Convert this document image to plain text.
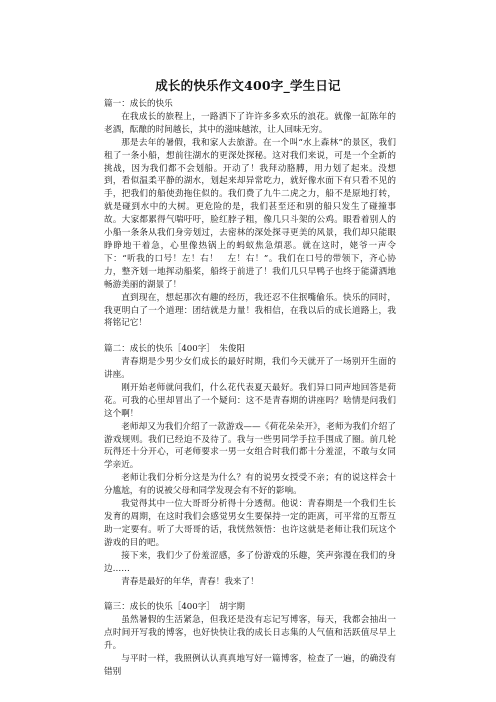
成长的快乐作文400字_学生日记

篇一：成长的快乐

在我成长的旅程上，一路洒下了许许多多欢乐的浪花。就像一缸陈年的老酒，酝酿的时间越长，其中的滋味越浓，让人回味无穷。

那是去年的暑假，我和家人去旅游。在一个叫“水上森林”的景区，我们租了一条小船，想前往湖水的更深处探秘。这对我们来说，可是一个全新的挑战，因为我们都不会划船。开动了！我拜动胳膊，用力划了起来。没想到，看似温柔平静的湖水，划起来却异常吃力，就好像水面下有只看不见的手，把我们的船使劲拖住似的。我们费了九牛二虎之力，船不是原地打转，就是碰到水中的大树。更危险的是，我们甚至还和别的船只发生了碰撞事故。大家都累得气喘吁吁，脸红脖子粗，像几只斗架的公鸡。眼看着别人的小船一条条从我们身旁划过，去密林的深处探寻更美的风景，我们却只能眼睁睁地干着急，心里像热锅上的蚂蚁焦急煩恶。就在这时，姥爷一声令下：“听我的口号！左！右！　左！右！”。我们在口号的带领下，齐心协力，整齐划一地挥动船桨，船终于前进了！我们几只早鸭子也终于能潇洒地畅游美丽的湖景了！

直到现在，想起那次有趣的经历，我还忍不住抿嘴偷乐。快乐的同时，我更明白了一个道理：团结就是力量！我相信，在我以后的成长道路上，我将铭记它！

篇二：成长的快乐［400字］　朱俊阳

青春期是少男少女们成长的最好时期，我们今天就开了一场别开生面的讲座。

刚开始老师就问我们，什么花代表夏天最好。我们异口同声地回答是荷花。可我的心里却冒出了一个疑问：这不是青春期的讲座吗？啥情是问我们这个啊！

老师却又为我们介绍了一款游戏——《荷花朵朵开》，老师为我们介绍了游戏规则。我们已经迫不及待了。我与一些男同学手拉手围成了圈。前几轮玩得还十分开心，可老师要求一男一女组合时我们都十分羞涩，不敢与女同学亲近。

老师让我们分析分这是为什么？有的说男女授受不亲；有的说这样会十分尴尬，有的说被父母和同学发现会有不好的影响。

我觉得其中一位大哥哥分析得十分透彻。他说：青春期是一个我们生长发育的周期，在这时我们会感觉男女生要保持一定的距离，可平常的互帮互助一定要有。听了大哥哥的话，我恍然领悟：也许这就是老师让我们玩这个游戏的目的吧。

接下来，我们少了份羞涩感，多了份游戏的乐趣，笑声弥漫在我们的身边……

青春是最好的年华，青春！我来了！

篇三：成长的快乐［400字］　胡宇期

虽然暑假的生活紧急，但我还是没有忘记写博客，每天，我都会抽出一点时间开写我的博客，也好快快让我的成长日志集的人气值和活跃值尽早上升。

与平时一样，我照例认认真真地写好一篇博客，检查了一遍，的确没有错别
